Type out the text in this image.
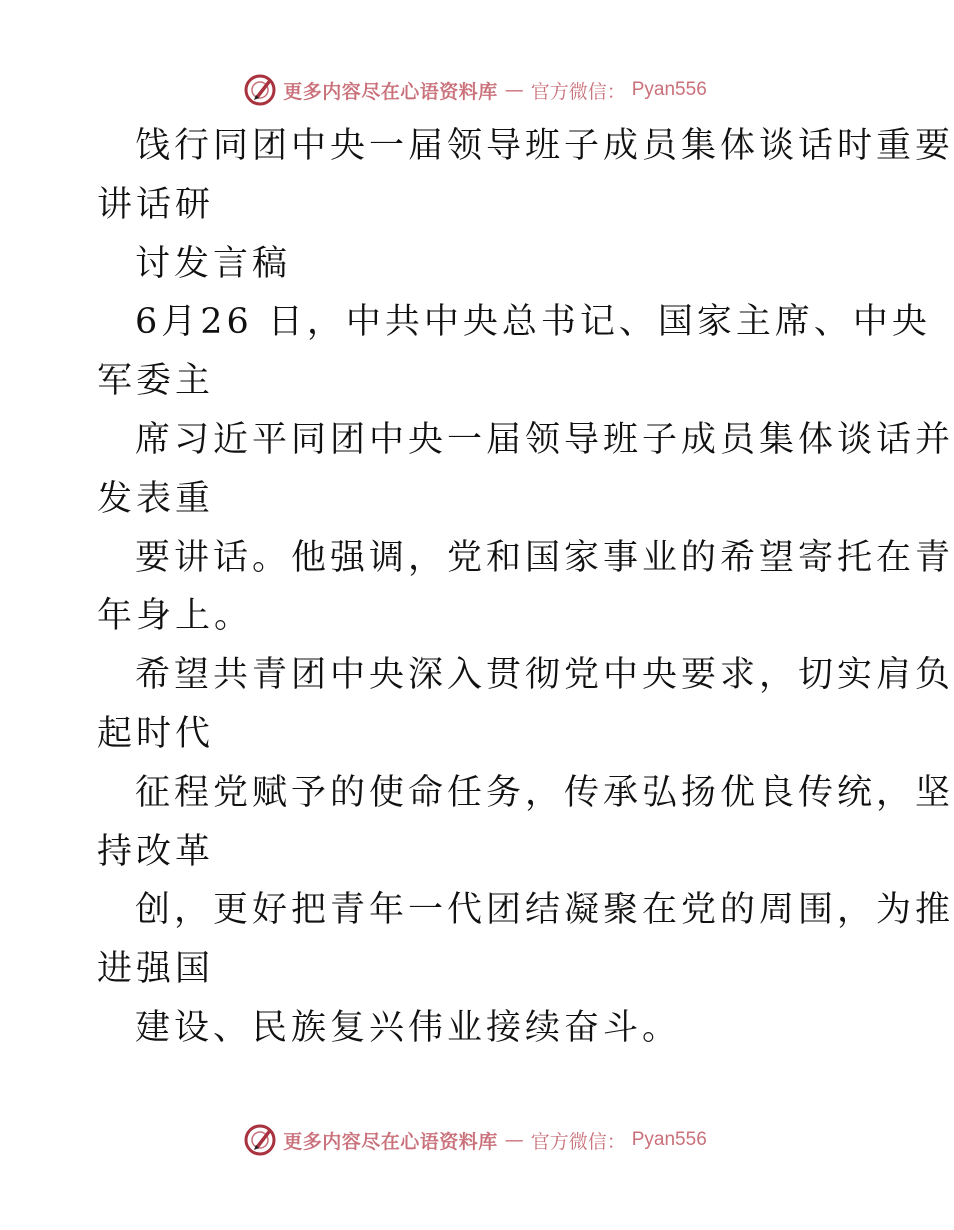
更多内容尽在心语资料库 — 官方微信： Pyan556
饯行同团中央一届领导班子成员集体谈话时重要
讲话研
讨发言稿
6月26 日，中共中央总书记、国家主席、中央
军委主
席习近平同团中央一届领导班子成员集体谈话并
发表重
要讲话。他强调，党和国家事业的希望寄托在青
年身上。
希望共青团中央深入贯彻党中央要求，切实肩负
起时代
征程党赋予的使命任务，传承弘扬优良传统，坚
持改革
创，更好把青年一代团结凝聚在党的周围，为推
进强国
建设、民族复兴伟业接续奋斗。
更多内容尽在心语资料库 — 官方微信： Pyan556
